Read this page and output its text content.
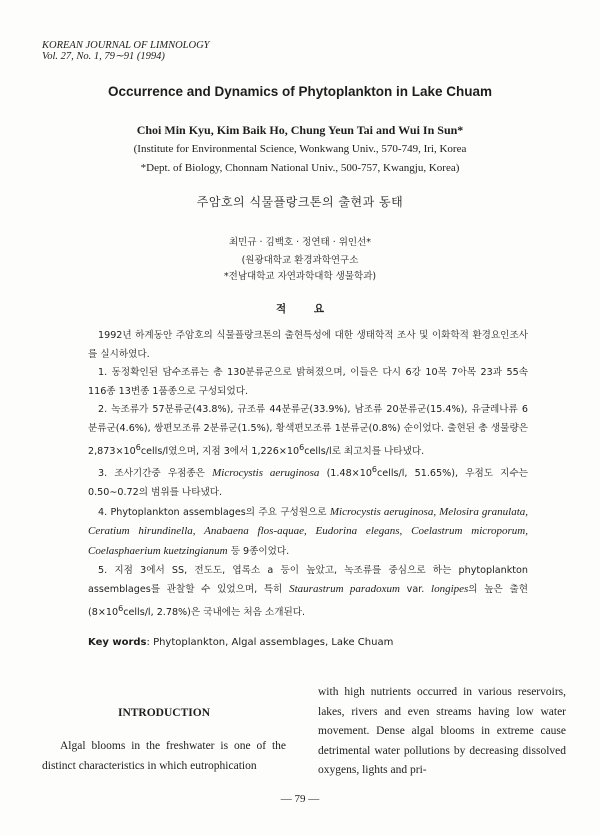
KOREAN JOURNAL OF LIMNOLOGY
Vol. 27, No. 1, 79∼91 (1994)
Occurrence and Dynamics of Phytoplankton in Lake Chuam
Choi Min Kyu, Kim Baik Ho, Chung Yeun Tai and Wui In Sun*
(Institute for Environmental Science, Wonkwang Univ., 570-749, Iri, Korea
*Dept. of Biology, Chonnam National Univ., 500-757, Kwangju, Korea)
주암호의 식물플랑크톤의 출현과 동태
최민규 · 김백호 · 정연태 · 위인선*
(원광대학교 환경과학연구소
*전남대학교 자연과학대학 생물학과)
적 요

1992년 하계동안 주암호의 식물플랑크톤의 출현특성에 대한 생태학적 조사 및 이화학적 환경요인조사를 실시하였다.

1. 동정확인된 담수조류는 총 130분류군으로 밝혀졌으며, 이들은 다시 6강 10목 7아목 23과 55속 116종 13변종 1품종으로 구성되었다.

2. 녹조류가 57분류군(43.8%), 규조류 44분류군(33.9%), 남조류 20분류군(15.4%), 유글레나류 6분류군(4.6%), 쌍편모조류 2분류군(1.5%), 황색편모조류 1분류군(0.8%) 순이었다. 출현된 총 생물량은 $2,873\times 10^6cells/l$였으며, 지점 3에서 $1,226\times 10^6cells/l$로 최고치를 나타냈다.

3. 조사기간중 우점종은 Microcystis aeruginosa ($1.48\times 10^6cells/l$, 51.65%), 우점도 지수는 0.50∼0.72의 범위를 나타냈다.

4. Phytoplankton assemblages의 주요 구성원으로 Microcystis aeruginosa, Melosira granulata, Ceratium hirundinella, Anabaena flos-aquae, Eudorina elegans, Coelastrum microporum, Coelasphaerium kuetzingianum 등 9종이었다.

5. 지점 3에서 SS, 전도도, 엽록소 a 등이 높았고, 녹조류를 중심으로 하는 phytoplankton assemblages를 관찰할 수 있었으며, 특히 Staurastrum paradoxum var. longipes의 높은 출현($8\times 10^6cells/l$, 2.78%)은 국내에는 처음 소개된다.

Key words: Phytoplankton, Algal assemblages, Lake Chuam
INTRODUCTION
Algal blooms in the freshwater is one of the distinct characteristics in which eutrophication
with high nutrients occurred in various reservoirs, lakes, rivers and even streams having low water movement. Dense algal blooms in extreme cause detrimental water pollutions by decreasing dissolved oxygens, lights and pri-
— 79 —
